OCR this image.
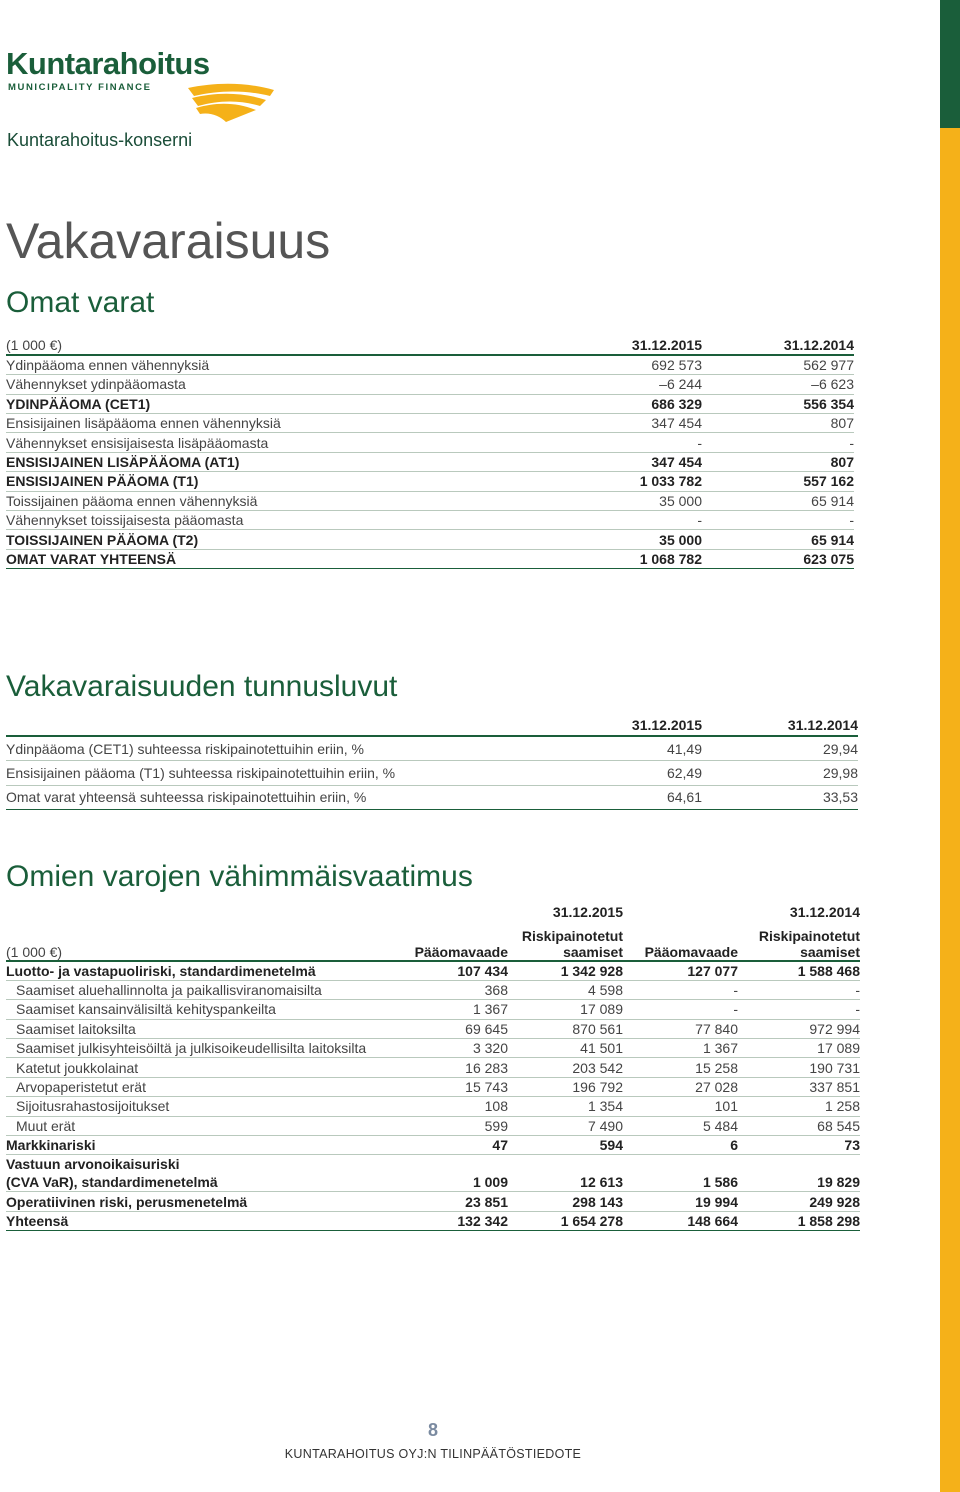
Kuntarahoitus
MUNICIPALITY FINANCE
Kuntarahoitus-konserni
Vakavaraisuus
Omat varat
(1 000 €)	31.12.2015	31.12.2014
Ydinpääoma ennen vähennyksiä	692 573	562 977
Vähennykset ydinpääomasta	–6 244	–6 623
YDINPÄÄOMA (CET1)	686 329	556 354
Ensisijainen lisäpääoma ennen vähennyksiä	347 454	807
Vähennykset ensisijaisesta lisäpääomasta	-	-
ENSISIJAINEN LISÄPÄÄOMA (AT1)	347 454	807
ENSISIJAINEN PÄÄOMA (T1)	1 033 782	557 162
Toissijainen pääoma ennen vähennyksiä	35 000	65 914
Vähennykset toissijaisesta pääomasta	-	-
TOISSIJAINEN PÄÄOMA (T2)	35 000	65 914
OMAT VARAT YHTEENSÄ	1 068 782	623 075
Vakavaraisuuden tunnusluvut
	31.12.2015	31.12.2014
Ydinpääoma (CET1) suhteessa riskipainotettuihin eriin, %	41,49	29,94
Ensisijainen pääoma (T1) suhteessa riskipainotettuihin eriin, %	62,49	29,98
Omat varat yhteensä suhteessa riskipainotettuihin eriin, %	64,61	33,53
Omien varojen vähimmäisvaatimus
		31.12.2015		31.12.2014
(1 000 €)	Pääomavaade	Riskipainotetut saamiset	Pääomavaade	Riskipainotetut saamiset
Luotto- ja vastapuoliriski, standardimenetelmä	107 434	1 342 928	127 077	1 588 468
Saamiset aluehallinnolta ja paikallisviranomaisilta	368	4 598	-	-
Saamiset kansainvälisiltä kehityspankeilta	1 367	17 089	-	-
Saamiset laitoksilta	69 645	870 561	77 840	972 994
Saamiset julkisyhteisöiltä ja julkisoikeudellisilta laitoksilta	3 320	41 501	1 367	17 089
Katetut joukkolainat	16 283	203 542	15 258	190 731
Arvopaperistetut erät	15 743	196 792	27 028	337 851
Sijoitusrahastosijoitukset	108	1 354	101	1 258
Muut erät	599	7 490	5 484	68 545
Markkinariski	47	594	6	73

Vastuun arvonoikaisuriski
(CVA VaR), standardimenetelmä	1 009	12 613	1 586	19 829
Operatiivinen riski, perusmenetelmä	23 851	298 143	19 994	249 928
Yhteensä	132 342	1 654 278	148 664	1 858 298
8
KUNTARAHOITUS OYJ:N TILINPÄÄTÖSTIEDOTE
